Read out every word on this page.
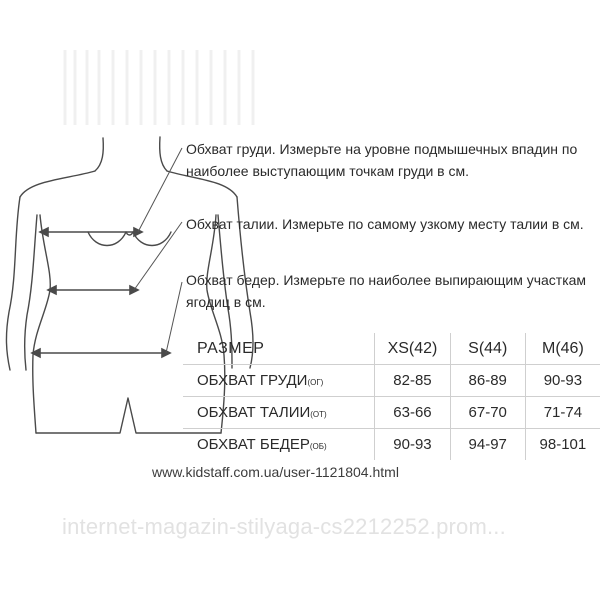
Обхват груди. Измерьте на уровне подмышечных впадин по наиболее выступающим точкам груди в см.

Обхват талии. Измерьте по самому узкому месту талии в см.

Обхват бедер. Измерьте по наиболее выпирающим участкам ягодиц в см.

РАЗМЕР	XS(42)	S(44)	M(46)
ОБХВАТ ГРУДИ(ОГ)	82-85	86-89	90-93
ОБХВАТ ТАЛИИ(ОТ)	63-66	67-70	71-74
ОБХВАТ БЕДЕР(ОБ)	90-93	94-97	98-101

www.kidstaff.com.ua/user-1121804.html

internet-magazin-stilyaga-cs2212252.prom...
